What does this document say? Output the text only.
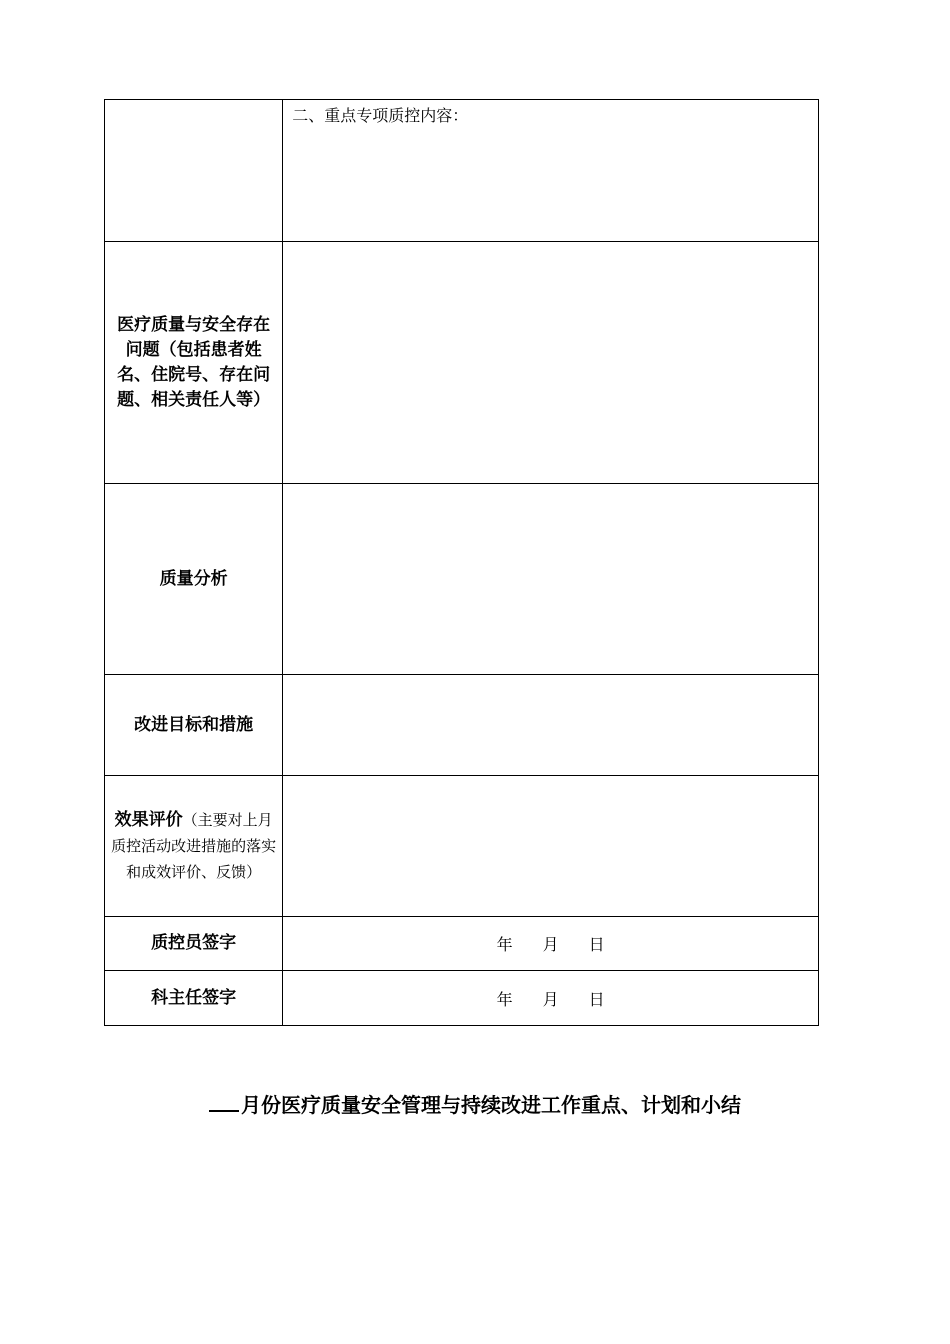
	二、重点专项质控内容：

医疗质量与安全存在问题（包括患者姓名、住院号、存在问题、相关责任人等）	
质量分析	
改进目标和措施	
效果评价（主要对上月质控活动改进措施的落实和成效评价、反馈）	
质控员签字	年 月 日
科主任签字	年 月 日
月份医疗质量安全管理与持续改进工作重点、计划和小结
